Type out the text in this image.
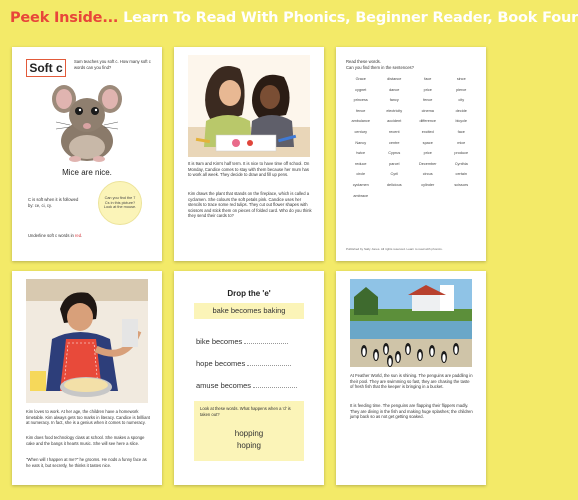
Peek Inside... Learn To Read With Phonics, Beginner Reader, Book Four
Soft c	Sam teaches you soft c. How many soft c words can you find?
Mice are nice.
C is soft when it is followed by: ce, ci, cy.
Can you find the 7 Cs in this picture? Look at the mouse.
Underline soft c words in red.
It is 9am and Kim's half term. It is nice to have time off school. On Monday, Candice comes to stay with them because her mum has to work all week. They decide to draw and fill up pens.
Kim draws the plant that stands on the fireplace, which is called a cyclamen. She colours the soft petals pink. Candice uses her stencils to trace some red tulips. They cut out flower shapes with scissors and stick them on pieces of folded card. Who do you think they send their cards to?
Read these words.
Can you find them in the sentences?
Grace	distance	face	since
cygnet	dance	price	pierce
princess	fancy	fence	city
fence	electricity	cinema	decide
ambulance	accident	difference	bicycle
century	recent	excited	face
Nancy	centre	space	mice
twice	Cyprus	price	produce
reduce	parcel	December	Cynthia
circle	Cyril	circus	certain
cyclamen	delicious	cylinder	scissors
ambrace
Published by Sally Jones. All rights reserved. Learn to read with phonics.
Kim loves to work. At her age, the children have a homework timetable. Kim always gets too marks in literacy. Candice is brilliant at numeracy. In fact, she is a genius when it comes to numeracy.
Kim does food technology class at school. She makes a sponge cake and the bangs it hearts music. She will see here a slice.
"When will I happen at me?" he grooms. He nods a funny face as he eats it, but secretly, he thinks it tastes nice.
Drop the 'e'
bake becomes baking
bike becomes
hope becomes
amuse becomes
Look at these words. What happens when a 'd' is taken out?
hopping
hoping
At Feather World, the sun is shining. The penguins are paddling in their pool. They are swimming so fast, they are chasing the taste of fresh fish that the keeper is bringing in a bucket.
It is feeding time. The penguins are flapping their flippers madly. They are diving in the fish and making huge splashes; the children jump back so as not get getting soaked.
